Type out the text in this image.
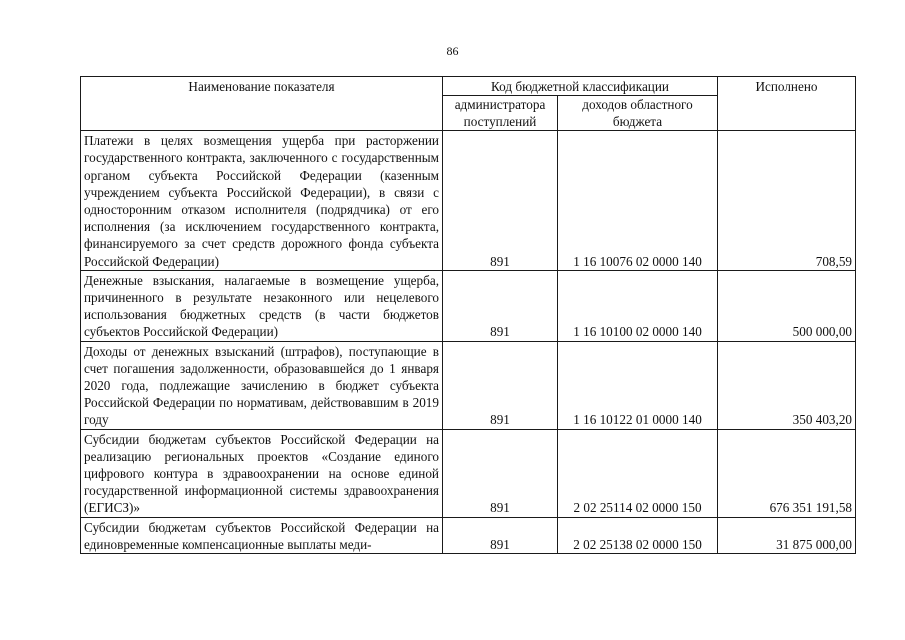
86
Наименование показателя	Код бюджетной классификации		Исполнено
	администратора поступлений	доходов областного бюджета	
Платежи в целях возмещения ущерба при расторжении государственного контракта, заключенного с государственным органом субъекта Российской Федерации (казенным учреждением субъекта Российской Федерации), в связи с односторонним отказом исполнителя (подрядчика) от его исполнения (за исключением государственного контракта, финансируемого за счет средств дорожного фонда субъекта Российской Федерации)	891	1 16 10076 02 0000 140	708,59
Денежные взыскания, налагаемые в возмещение ущерба, причиненного в результате незаконного или нецелевого использования бюджетных средств (в части бюджетов субъектов Российской Федерации)	891	1 16 10100 02 0000 140	500 000,00
Доходы от денежных взысканий (штрафов), поступающие в счет погашения задолженности, образовавшейся до 1 января 2020 года, подлежащие зачислению в бюджет субъекта Российской Федерации по нормативам, действовавшим в 2019 году	891	1 16 10122 01 0000 140	350 403,20
Субсидии бюджетам субъектов Российской Федерации на реализацию региональных проектов «Создание единого цифрового контура в здравоохранении на основе единой государственной информационной системы здравоохранения (ЕГИСЗ)»	891	2 02 25114 02 0000 150	676 351 191,58
Субсидии бюджетам субъектов Российской Федерации на единовременные компенсационные выплаты меди-	891	2 02 25138 02 0000 150	31 875 000,00
